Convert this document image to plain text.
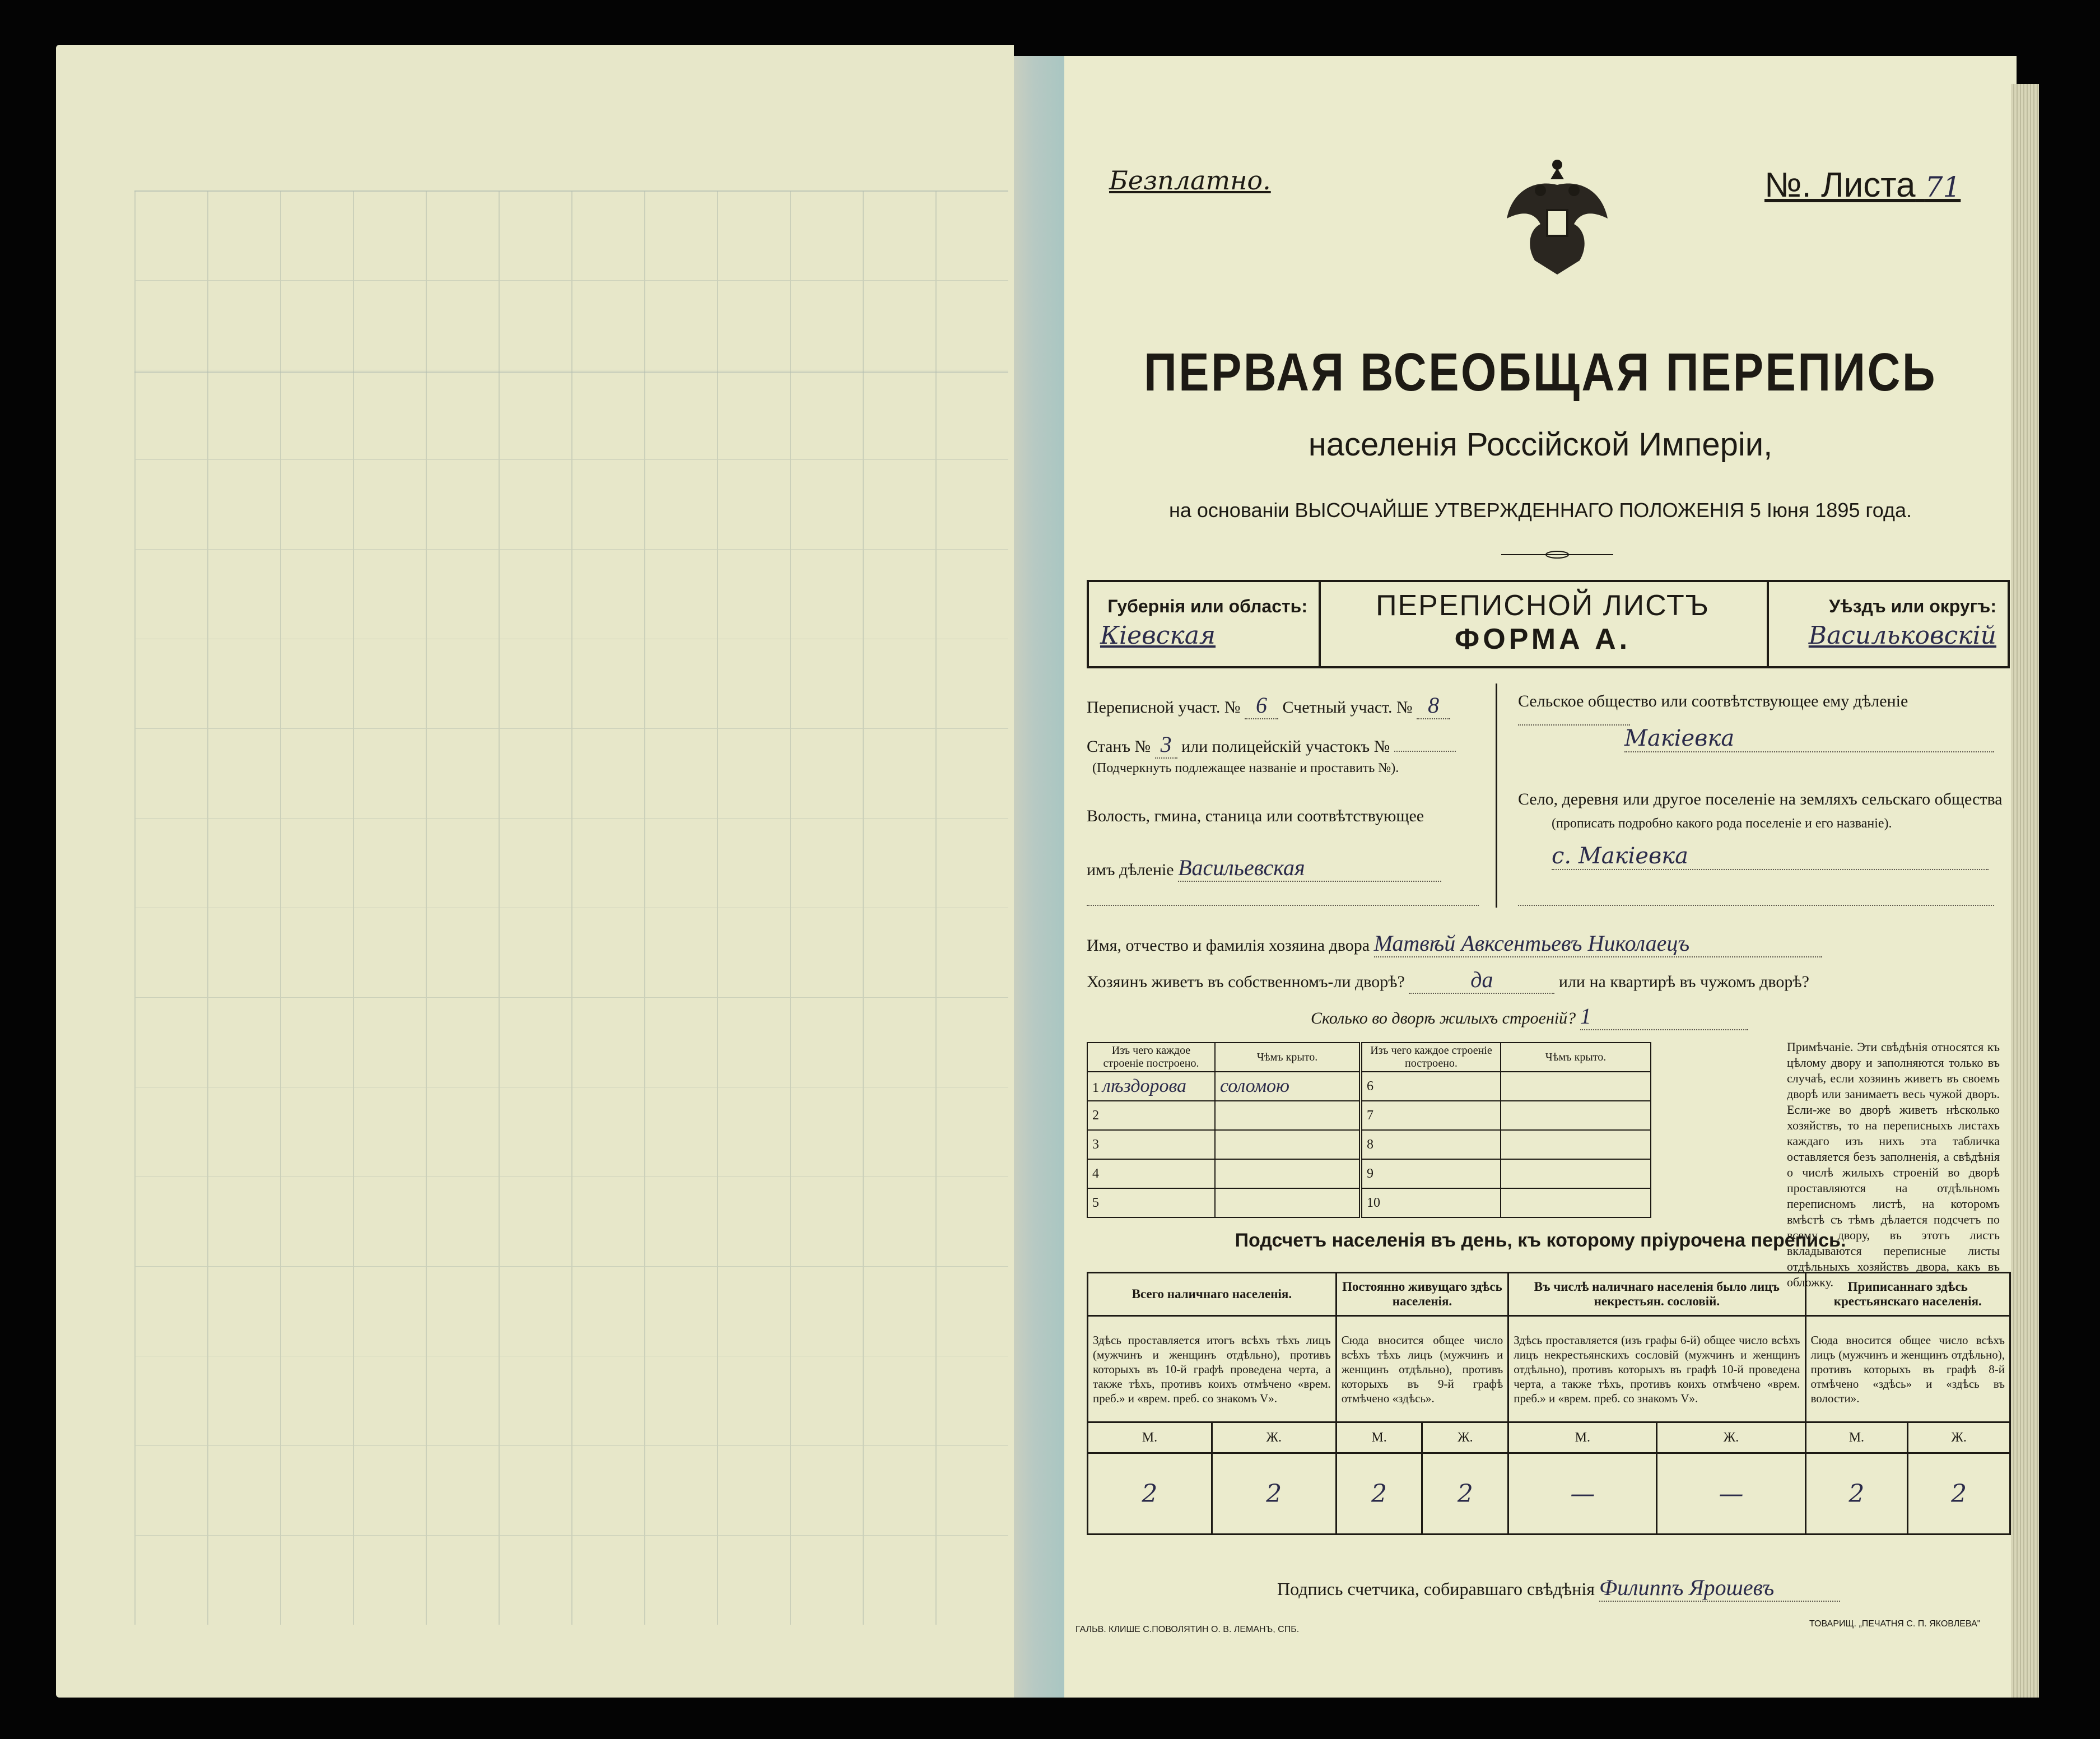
Безплатно.	№. Листа 71
ПЕРВАЯ ВСЕОБЩАЯ ПЕРЕПИСЬ
населенія Россійской Имперіи,
на основаніи ВЫСОЧАЙШЕ УТВЕРЖДЕННАГО ПОЛОЖЕНІЯ 5 Іюня 1895 года.
Губернія или область:
Кіевская
ПЕРЕПИСНОЙ ЛИСТЪ
ФОРМА А.
Уѣздъ или округъ:
Васильковскій
Переписной участ. № 6 Счетный участ. № 8
Станъ № 3 или полицейскій участокъ №
(Подчеркнуть подлежащее названіе и проставить №).
Волость, гмина, станица или соотвѣтствующее
имъ дѣленіе Васильевская
Сельское общество или соотвѣтствующее ему дѣленіе
Макіевка
Село, деревня или другое поселеніе на земляхъ сельскаго общества
(прописать подробно какого рода поселеніе и его названіе).
с. Макіевка
Имя, отчество и фамилія хозяина двора Матвѣй Авксентьевъ Николаецъ
Хозяинъ живетъ въ собственномъ-ли дворѣ?	да	или на квартирѣ въ чужомъ дворѣ?
Сколько во дворѣ жилыхъ строеній? 1
Изъ чего каждое строеніе построено.	Чѣмъ крыто.	Изъ чего каждое строеніе построено.	Чѣмъ крыто.
1 лѣздорова	соломою	6	
2		7	
3		8	
4		9	
5		10	
Примѣчаніе. Эти свѣдѣнія относятся къ цѣлому двору и заполняются только въ случаѣ, если хозяинъ живетъ въ своемъ дворѣ или занимаетъ весь чужой дворъ. Если-же во дворѣ живетъ нѣсколько хозяйствъ, то на переписныхъ листахъ каждаго изъ нихъ эта табличка оставляется безъ заполненія, а свѣдѣнія о числѣ жилыхъ строеній во дворѣ проставляются на отдѣльномъ переписномъ листѣ, на которомъ вмѣстѣ съ тѣмъ дѣлается подсчетъ по всему двору, въ этотъ листъ вкладываются переписные листы отдѣльныхъ хозяйствъ двора, какъ въ обложку.
Подсчетъ населенія въ день, къ которому пріурочена перепись.
Всего наличнаго населенія.		Постоянно живущаго здѣсь населенія.		Въ числѣ наличнаго населенія было лицъ некрестьян. сословій.		Приписаннаго здѣсь крестьянскаго населенія.	
Здѣсь проставляется итогъ всѣхъ тѣхъ лицъ (мужчинъ и женщинъ отдѣльно), противъ которыхъ въ 10-й графѣ проведена черта, а также тѣхъ, противъ коихъ отмѣчено «врем. преб.» и «врем. преб. со знакомъ V».		Сюда вносится общее число всѣхъ тѣхъ лицъ (мужчинъ и женщинъ отдѣльно), противъ которыхъ въ 9-й графѣ отмѣчено «здѣсь».		Здѣсь проставляется (изъ графы 6-й) общее число всѣхъ лицъ некрестьянскихъ сословій (мужчинъ и женщинъ отдѣльно), противъ которыхъ въ графѣ 10-й проведена черта, а также тѣхъ, противъ коихъ отмѣчено «врем. преб.» и «врем. преб. со знакомъ V».		Сюда вносится общее число всѣхъ лицъ (мужчинъ и женщинъ отдѣльно), противъ которыхъ въ графѣ 8-й отмѣчено «здѣсь» и «здѣсь въ волости».	
М.	Ж.	М.	Ж.	М.	Ж.	М.	Ж.
2	2	2	2	—	—	2	2
Подпись счетчика, собиравшаго свѣдѣнія Филиппъ Ярошевъ
ГАЛЬВ. КЛИШЕ С.ПОВОЛЯТИН О. В. ЛЕМАНЪ, СПБ.
ТОВАРИЩ. „ПЕЧАТНЯ С. П. ЯКОВЛЕВА"
